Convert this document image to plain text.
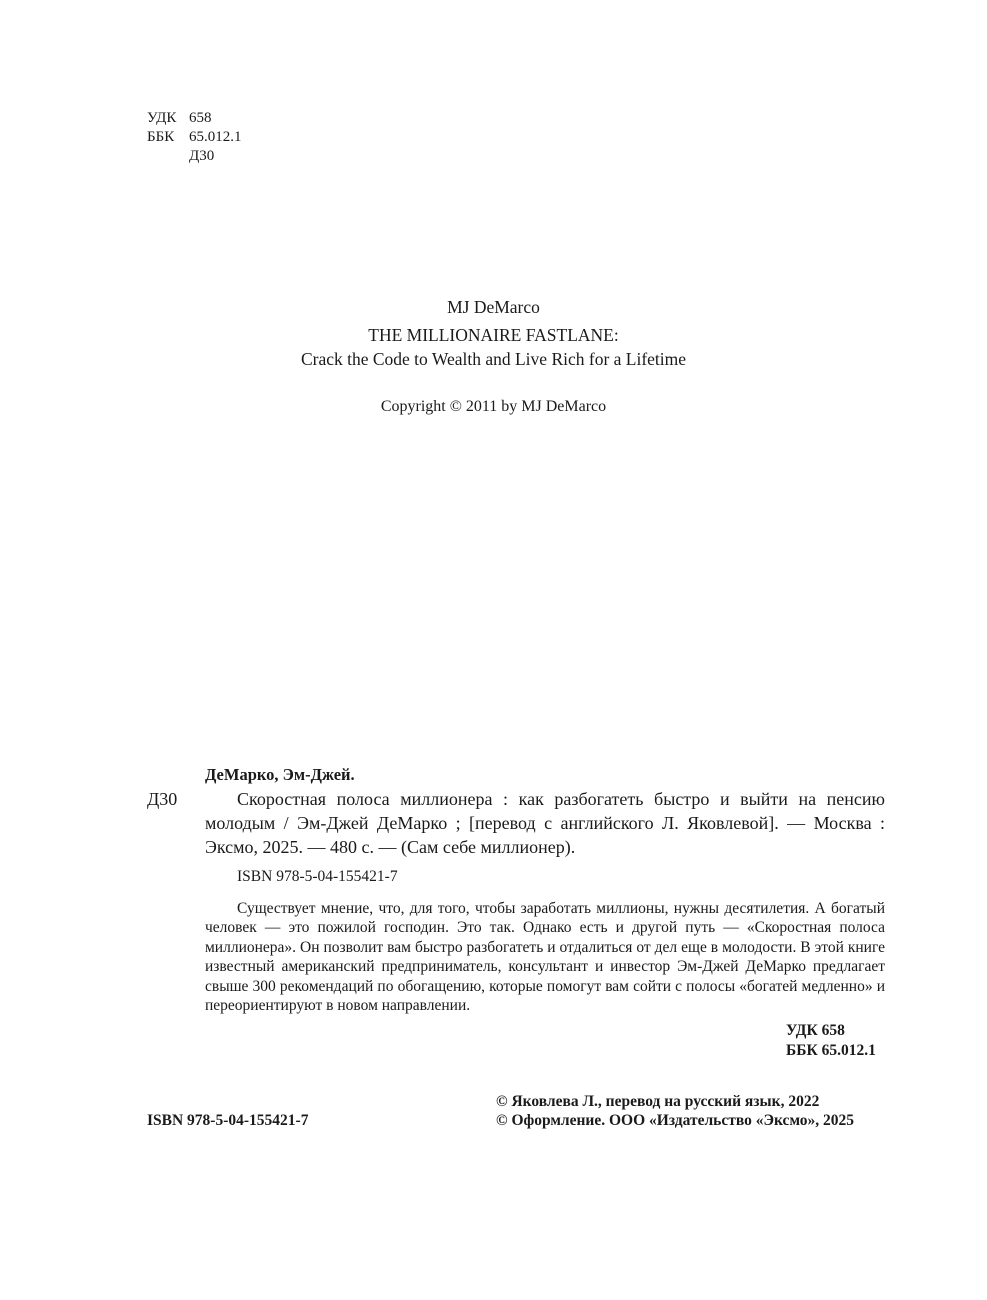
УДК 658
ББК 65.012.1
Д30
MJ DeMarco
THE MILLIONAIRE FASTLANE:
Crack the Code to Wealth and Live Rich for a Lifetime
Copyright © 2011 by MJ DeMarco
ДеМарко, Эм-Джей.
Д30	Скоростная полоса миллионера : как разбогатеть быстро и выйти на пенсию молодым / Эм-Джей ДеМарко ; [перевод с английского Л. Яковлевой]. — Москва : Эксмо, 2025. — 480 с. — (Сам себе миллионер).

ISBN 978-5-04-155421-7

Существует мнение, что, для того, чтобы заработать миллионы, нужны десятилетия. А богатый человек — это пожилой господин. Это так. Однако есть и другой путь — «Скоростная полоса миллионера». Он позволит вам быстро разбогатеть и отдалиться от дел еще в молодости. В этой книге известный американский предприниматель, консультант и инвестор Эм-Джей ДеМарко предлагает свыше 300 рекомендаций по обогащению, которые помогут вам сойти с полосы «богатей медленно» и переориентируют в новом направлении.

УДК 658
ББК 65.012.1
ISBN 978-5-04-155421-7
© Яковлева Л., перевод на русский язык, 2022
© Оформление. ООО «Издательство «Эксмо», 2025
